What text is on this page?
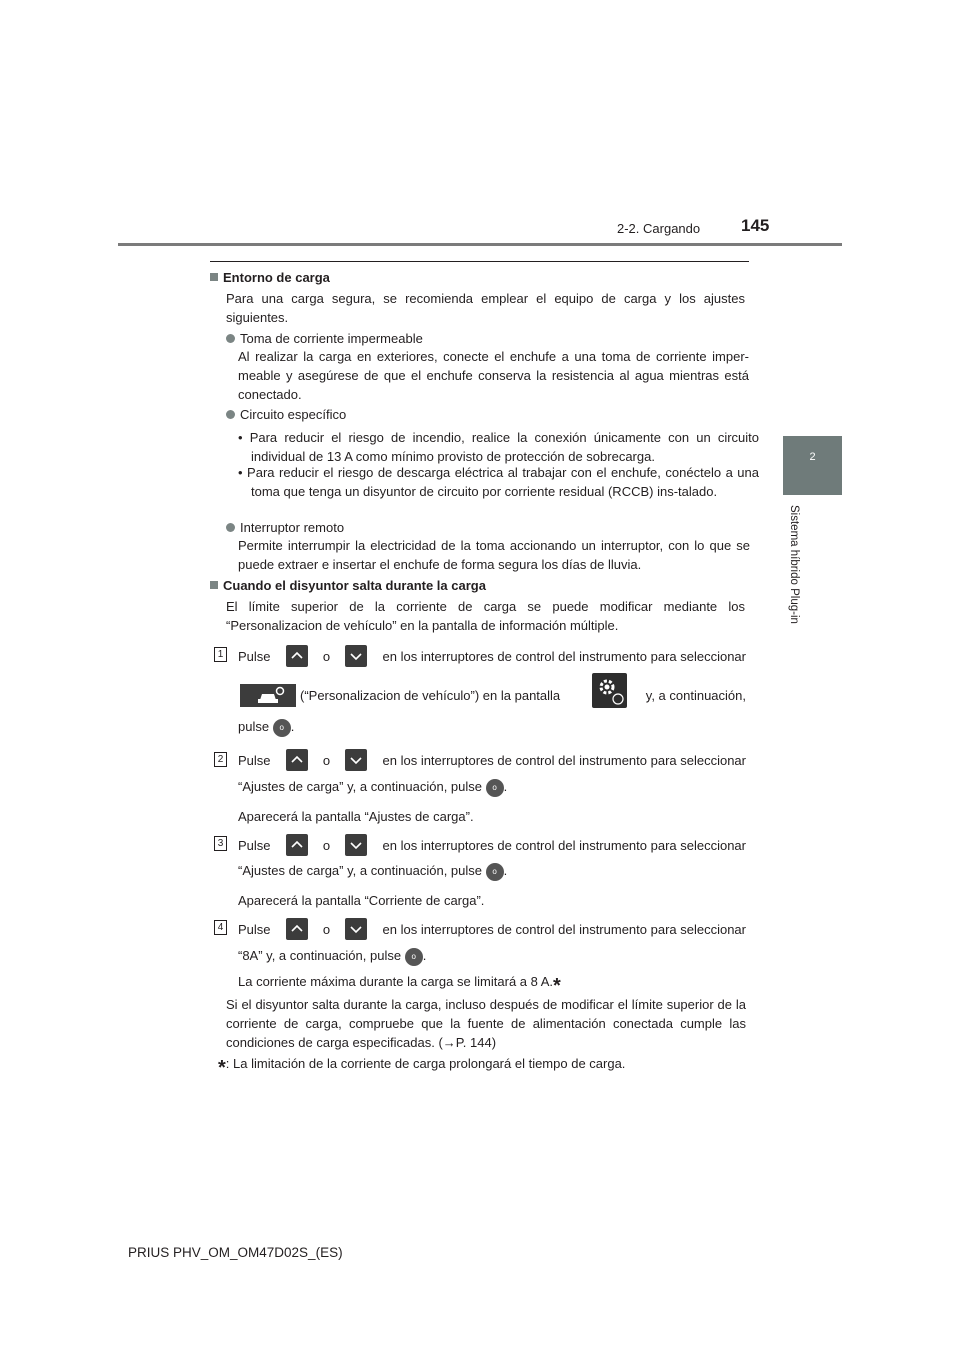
145
2-2. Cargando
2
Sistema híbrido Plug-in
Entorno de carga
Para una carga segura, se recomienda emplear el equipo de carga y los ajustes siguientes.
Toma de corriente impermeable
Al realizar la carga en exteriores, conecte el enchufe a una toma de corriente imper-meable y asegúrese de que el enchufe conserva la resistencia al agua mientras está conectado.
Circuito específico
• Para reducir el riesgo de incendio, realice la conexión únicamente con un circuito individual de 13 A como mínimo provisto de protección de sobrecarga.
• Para reducir el riesgo de descarga eléctrica al trabajar con el enchufe, conéctelo a una toma que tenga un disyuntor de circuito por corriente residual (RCCB) ins-talado.
Interruptor remoto
Permite interrumpir la electricidad de la toma accionando un interruptor, con lo que se puede extraer e insertar el enchufe de forma segura los días de lluvia.
Cuando el disyuntor salta durante la carga
El límite superior de la corriente de carga se puede modificar mediante los “Personalizacion de vehículo” en la pantalla de información múltiple.
1 Pulse	o	en los interruptores de control del instrumento para seleccionar
(“Personalizacion de vehículo”) en la pantalla	y, a continuación,
pulse o .
2 Pulse	o	en los interruptores de control del instrumento para seleccionar
“Ajustes de carga” y, a continuación, pulse o .
Aparecerá la pantalla “Ajustes de carga”.
3 Pulse	o	en los interruptores de control del instrumento para seleccionar
“Ajustes de carga” y, a continuación, pulse o .
Aparecerá la pantalla “Corriente de carga”.
4 Pulse	o	en los interruptores de control del instrumento para seleccionar
“8A” y, a continuación, pulse o .
La corriente máxima durante la carga se limitará a 8 A.*
Si el disyuntor salta durante la carga, incluso después de modificar el límite superior de la corriente de carga, compruebe que la fuente de alimentación conectada cumple las condiciones de carga especificadas. (→P. 144)
*: La limitación de la corriente de carga prolongará el tiempo de carga.
PRIUS PHV_OM_OM47D02S_(ES)
